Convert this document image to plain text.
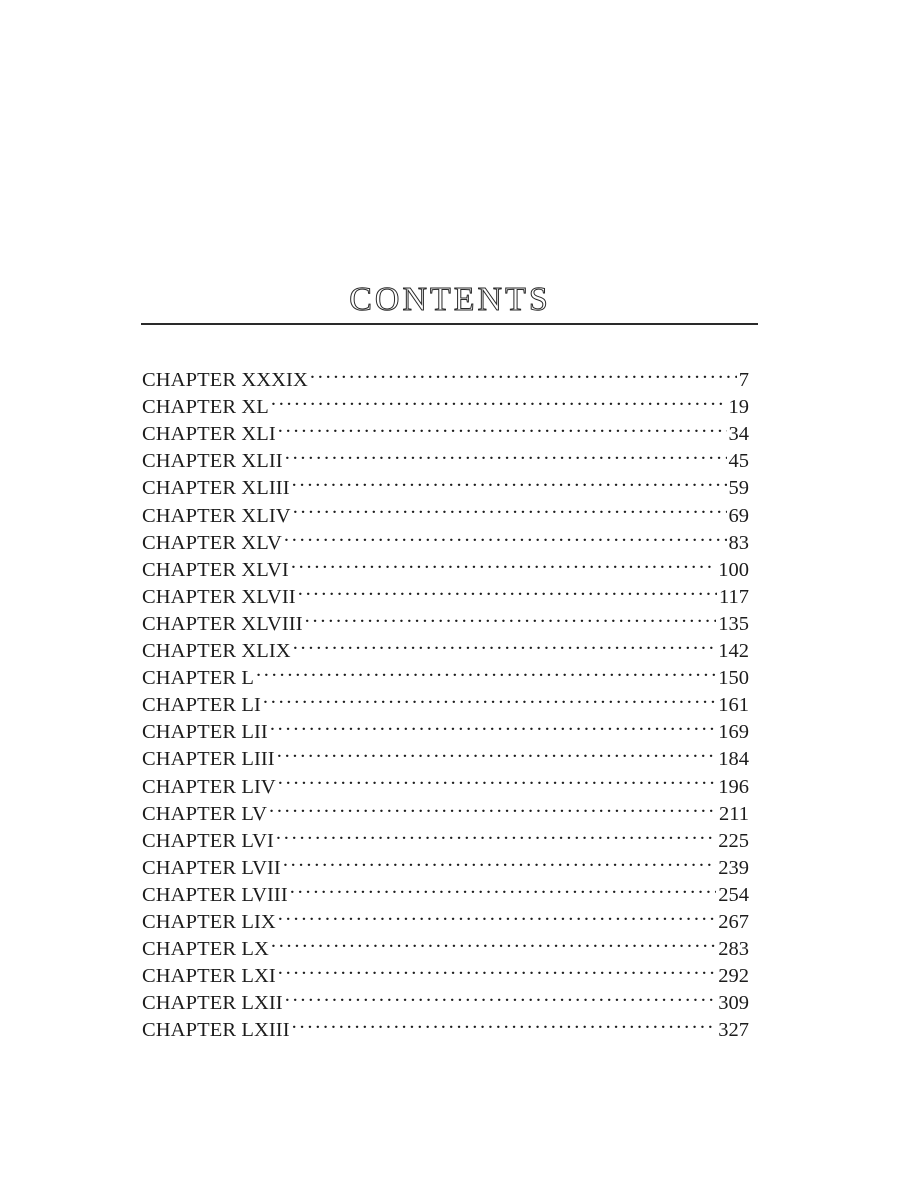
CONTENTS
CHAPTER XXXIX . . .	7
CHAPTER XL . . .	19
CHAPTER XLI . . .	34
CHAPTER XLII . . .	45
CHAPTER XLIII . . .	59
CHAPTER XLIV . . .	69
CHAPTER XLV . . .	83
CHAPTER XLVI . . .	100
CHAPTER XLVII . . .	117
CHAPTER XLVIII . . .	135
CHAPTER XLIX . . .	142
CHAPTER L . . .	150
CHAPTER LI . . .	161
CHAPTER LII . . .	169
CHAPTER LIII . . .	184
CHAPTER LIV . . .	196
CHAPTER LV . . .	211
CHAPTER LVI . . .	225
CHAPTER LVII . . .	239
CHAPTER LVIII . . .	254
CHAPTER LIX . . .	267
CHAPTER LX . . .	283
CHAPTER LXI . . .	292
CHAPTER LXII . . .	309
CHAPTER LXIII . . .	327
